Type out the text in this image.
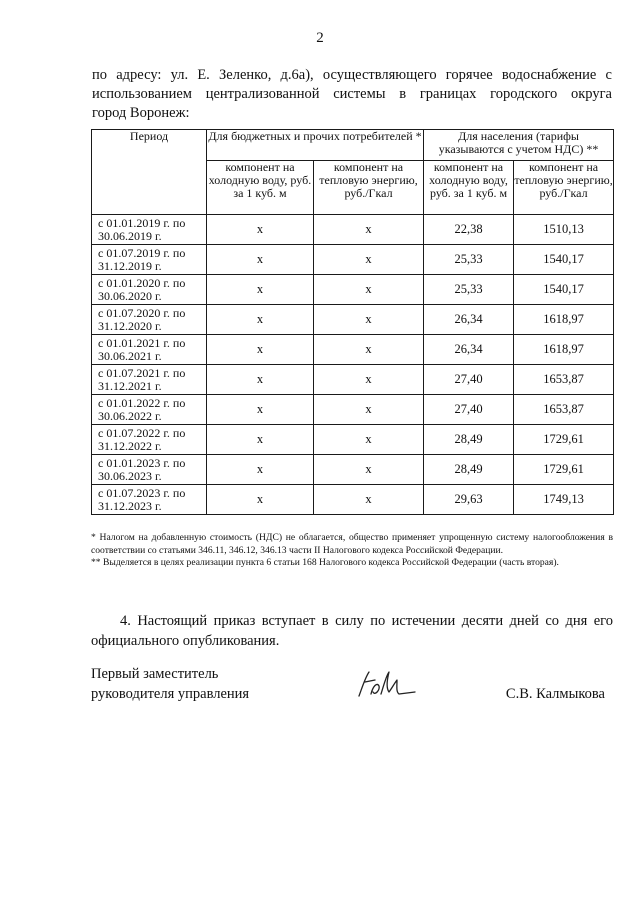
2
по адресу: ул. Е. Зеленко, д.6а), осуществляющего горячее водоснабжение с
использованием централизованной системы в границах городского округа
город Воронеж:
Период	Для бюджетных и прочих потребителей *		Для населения (тарифы указываются с учетом НДС) **	
	компонент на холодную воду, руб. за 1 куб. м	компонент на тепловую энергию, руб./Гкал	компонент на холодную воду, руб. за 1 куб. м	компонент на тепловую энергию, руб./Гкал
с 01.01.2019 г. по 30.06.2019 г.	х	х	22,38	1510,13
с 01.07.2019 г. по 31.12.2019 г.	х	х	25,33	1540,17
с 01.01.2020 г. по 30.06.2020 г.	х	х	25,33	1540,17
с 01.07.2020 г. по 31.12.2020 г.	х	х	26,34	1618,97
с 01.01.2021 г. по 30.06.2021 г.	х	х	26,34	1618,97
с 01.07.2021 г. по 31.12.2021 г.	х	х	27,40	1653,87
с 01.01.2022 г. по 30.06.2022 г.	х	х	27,40	1653,87
с 01.07.2022 г. по 31.12.2022 г.	х	х	28,49	1729,61
с 01.01.2023 г. по 30.06.2023 г.	х	х	28,49	1729,61
с 01.07.2023 г. по 31.12.2023 г.	х	х	29,63	1749,13

* Налогом на добавленную стоимость (НДС) не облагается, общество применяет упрощенную систему налогообложения в соответствии со статьями 346.11, 346.12, 346.13 части II Налогового кодекса Российской Федерации.

** Выделяется в целях реализации пункта 6 статьи 168 Налогового кодекса Российской Федерации (часть вторая).

4. Настоящий приказ вступает в силу по истечении десяти дней со дня его официального опубликования.
Первый заместитель
руководителя управления	С.В. Калмыкова
